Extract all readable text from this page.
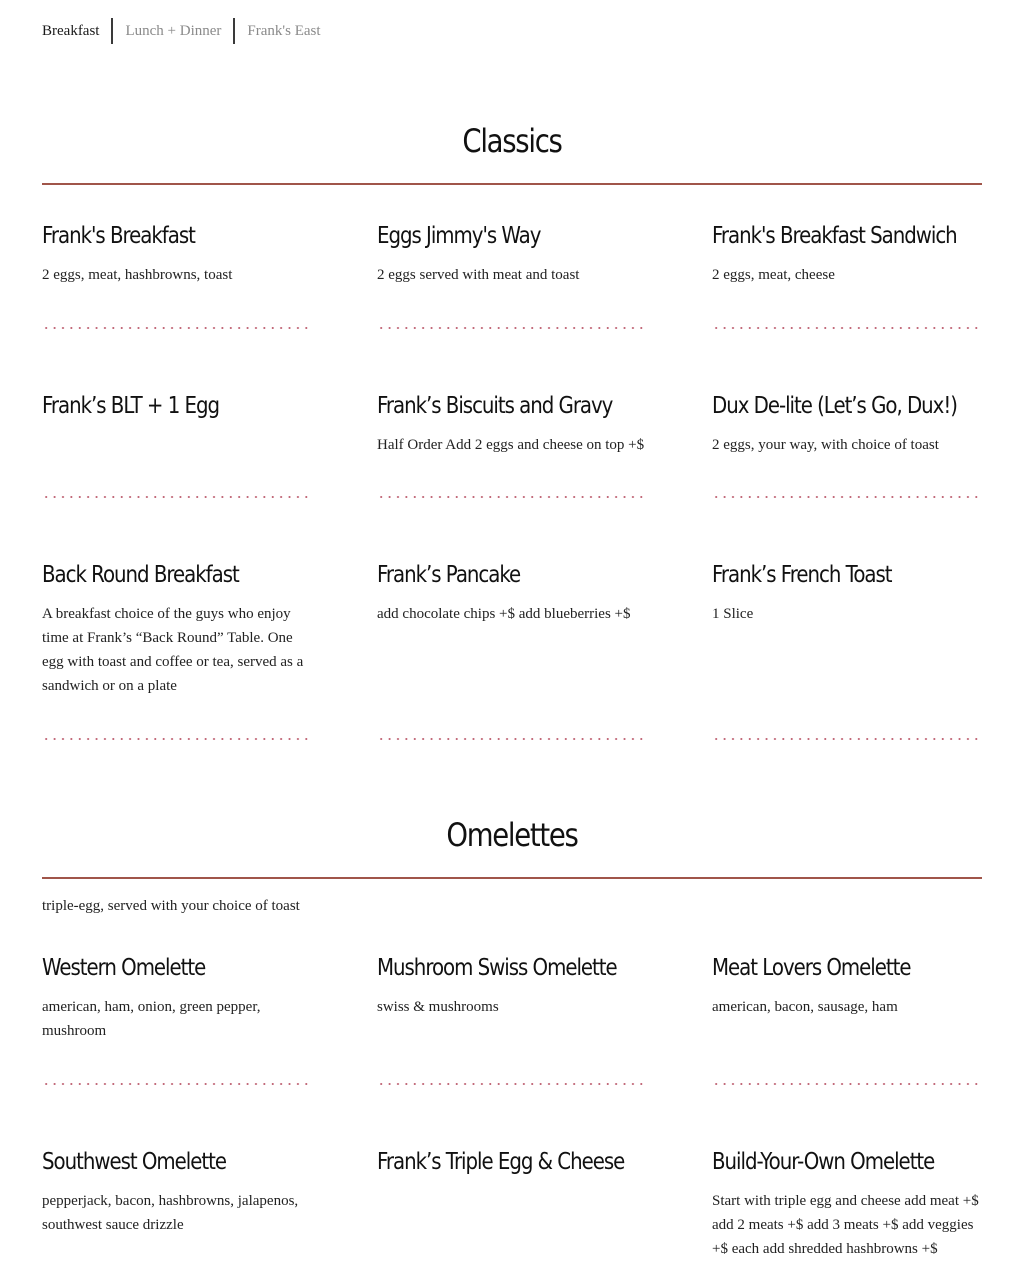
Breakfast	Lunch + Dinner	Frank's East
Classics
Frank's Breakfast
2 eggs, meat, hashbrowns, toast
Eggs Jimmy's Way
2 eggs served with meat and toast
Frank's Breakfast Sandwich
2 eggs, meat, cheese
Frank’s BLT + 1 Egg	Frank’s Biscuits and Gravy
Half Order Add 2 eggs and cheese on top +$
Dux De-lite (Let’s Go, Dux!)
2 eggs, your way, with choice of toast
Back Round Breakfast
A breakfast choice of the guys who enjoy time at Frank’s “Back Round” Table. One egg with toast and coffee or tea, served as a sandwich or on a plate
Frank’s Pancake
add chocolate chips +$ add blueberries +$
Frank’s French Toast
1 Slice
Omelettes
triple-egg, served with your choice of toast
Western Omelette
american, ham, onion, green pepper, mushroom
Mushroom Swiss Omelette
swiss & mushrooms
Meat Lovers Omelette
american, bacon, sausage, ham
Southwest Omelette
pepperjack, bacon, hashbrowns, jalapenos, southwest sauce drizzle
Frank’s Triple Egg & Cheese	Build-Your-Own Omelette
Start with triple egg and cheese add meat +$ add 2 meats +$ add 3 meats +$ add veggies +$ each add shredded hashbrowns +$
